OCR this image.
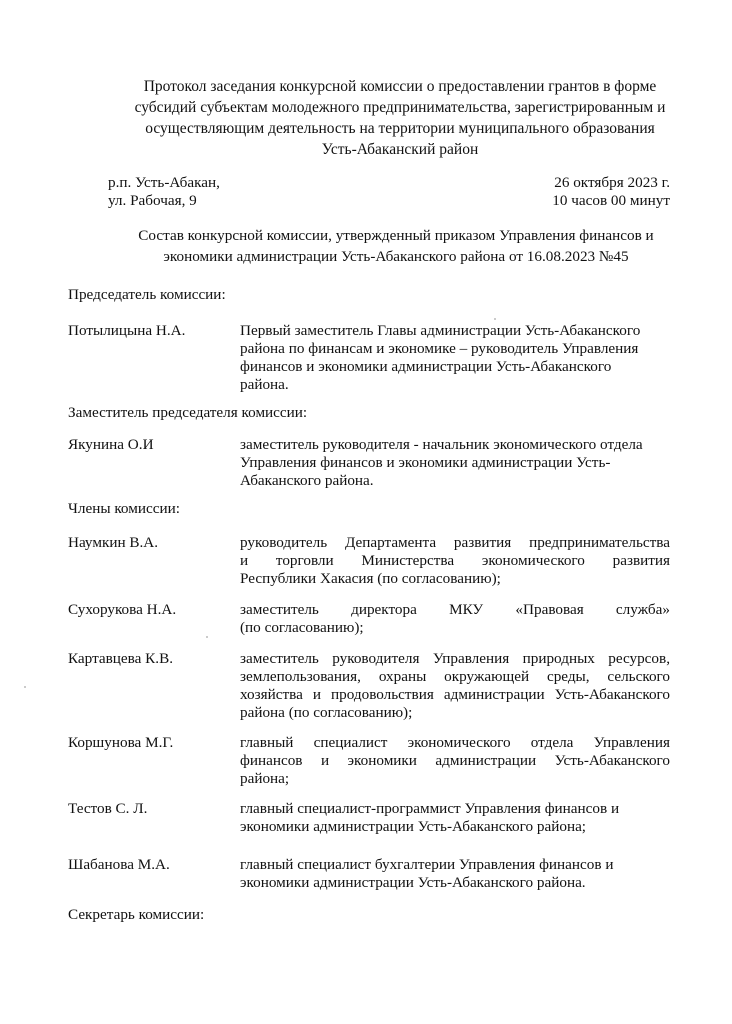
Протокол заседания конкурсной комиссии о предоставлении грантов в форме
субсидий субъектам молодежного предпринимательства, зарегистрированным и
осуществляющим деятельность на территории муниципального образования
Усть-Абаканский район
р.п. Усть-Абакан,
ул. Рабочая, 9
26 октября 2023 г.
10 часов 00 минут
Состав конкурсной комиссии, утвержденный приказом Управления финансов и
экономики администрации Усть-Абаканского района от 16.08.2023 №45
Председатель комиссии:
Потылицына Н.А.	Первый заместитель Главы администрации Усть-Абаканского
района по финансам и экономике – руководитель Управления
финансов и экономики администрации Усть-Абаканского
района.
Заместитель председателя комиссии:
Якунина О.И	заместитель руководителя - начальник экономического отдела
Управления финансов и экономики администрации Усть-
Абаканского района.
Члены комиссии:
Наумкин В.А.	руководитель Департамента развития предпринимательства
и торговли Министерства экономического развития
Республики Хакасия (по согласованию);
Сухорукова Н.А.	заместитель директора МКУ «Правовая служба»
(по согласованию);
Картавцева К.В.	заместитель руководителя Управления природных ресурсов,
землепользования, охраны окружающей среды, сельского
хозяйства и продовольствия администрации Усть-Абаканского
района (по согласованию);
Коршунова М.Г.	главный специалист экономического отдела Управления
финансов и экономики администрации Усть-Абаканского
района;
Тестов С. Л.	главный специалист-программист Управления финансов и
экономики администрации Усть-Абаканского района;
Шабанова М.А.	главный специалист бухгалтерии Управления финансов и
экономики администрации Усть-Абаканского района.
Секретарь комиссии:
